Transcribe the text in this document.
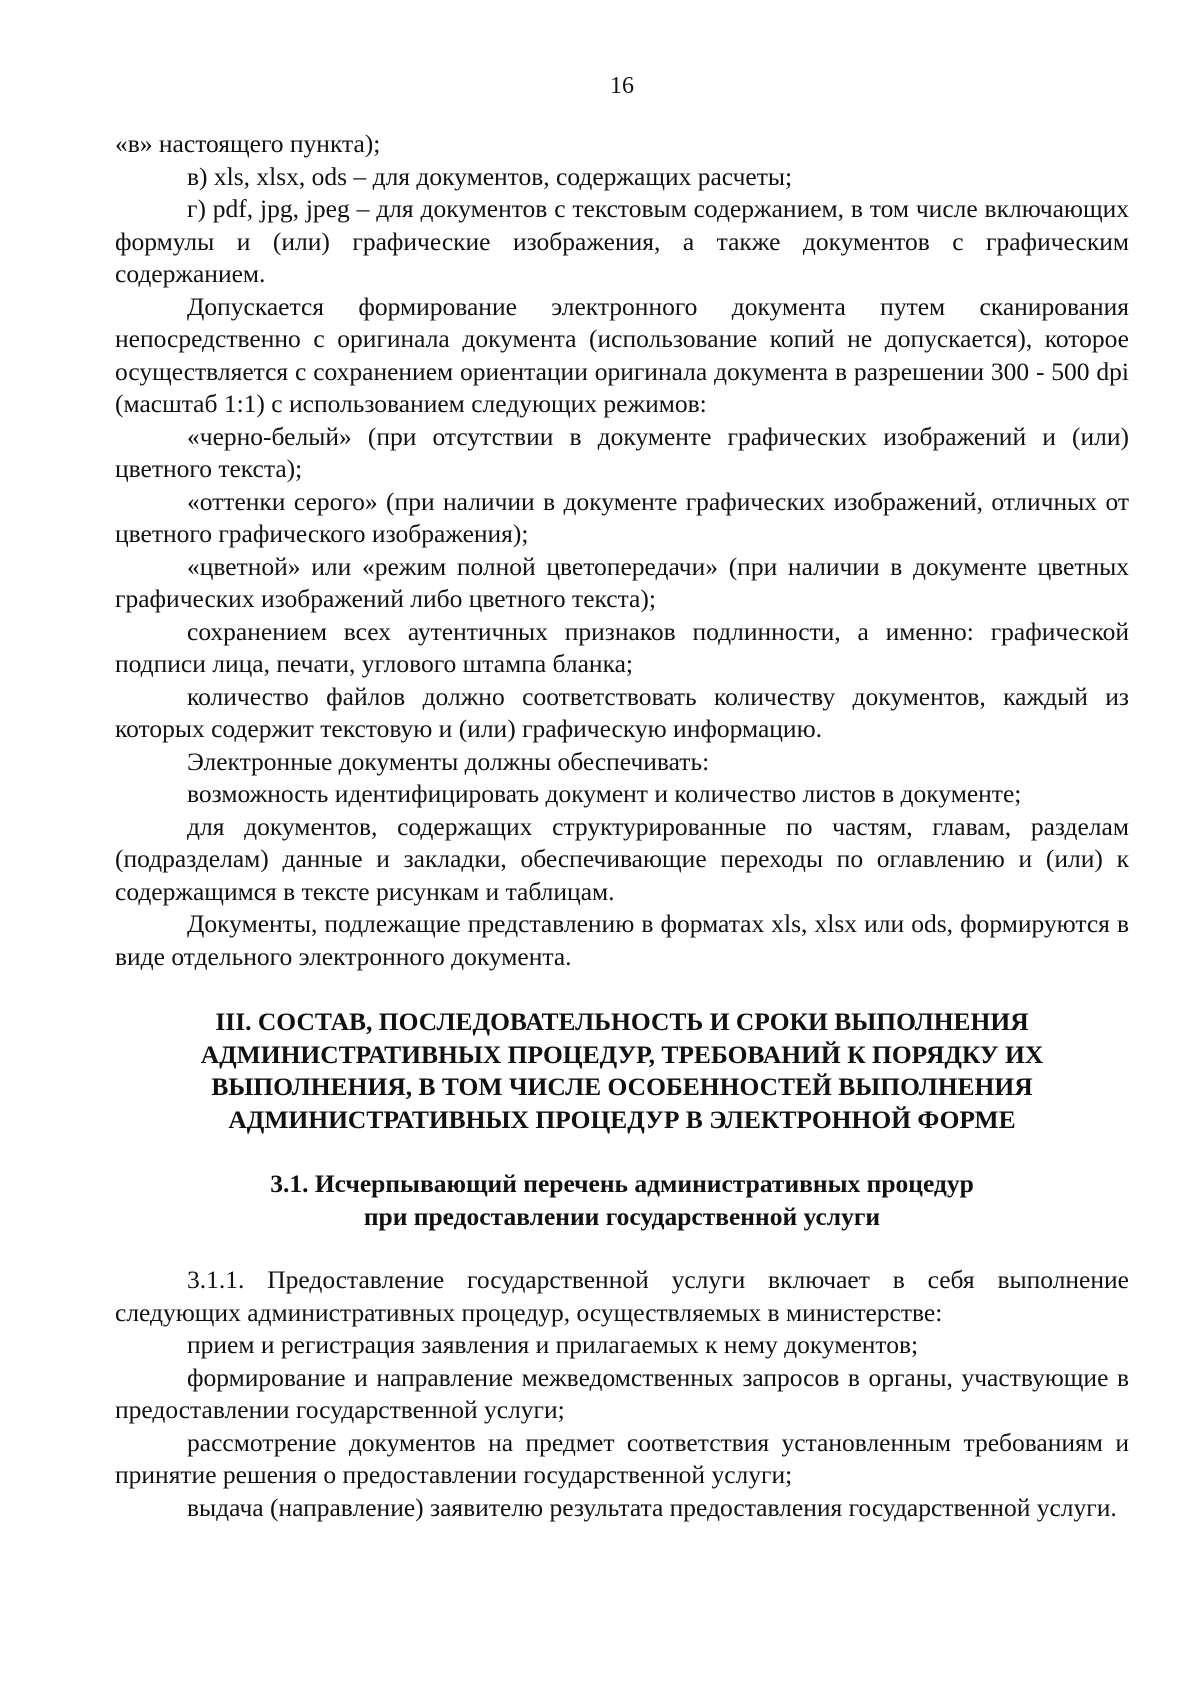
16

«в» настоящего пункта);

в) xls, xlsx, ods – для документов, содержащих расчеты;

г) pdf, jpg, jpeg – для документов с текстовым содержанием, в том числе включающих формулы и (или) графические изображения, а также документов с графическим содержанием.

Допускается формирование электронного документа путем сканирования непосредственно с оригинала документа (использование копий не допускается), которое осуществляется с сохранением ориентации оригинала документа в разрешении 300 - 500 dpi (масштаб 1:1) с использованием следующих режимов:

«черно-белый» (при отсутствии в документе графических изображений и (или) цветного текста);

«оттенки серого» (при наличии в документе графических изображений, отличных от цветного графического изображения);

«цветной» или «режим полной цветопередачи» (при наличии в документе цветных графических изображений либо цветного текста);

сохранением всех аутентичных признаков подлинности, а именно: графической подписи лица, печати, углового штампа бланка;

количество файлов должно соответствовать количеству документов, каждый из которых содержит текстовую и (или) графическую информацию.

Электронные документы должны обеспечивать:

возможность идентифицировать документ и количество листов в документе;

для документов, содержащих структурированные по частям, главам, разделам (подразделам) данные и закладки, обеспечивающие переходы по оглавлению и (или) к содержащимся в тексте рисункам и таблицам.

Документы, подлежащие представлению в форматах xls, xlsx или ods, формируются в виде отдельного электронного документа.

III. СОСТАВ, ПОСЛЕДОВАТЕЛЬНОСТЬ И СРОКИ ВЫПОЛНЕНИЯ
АДМИНИСТРАТИВНЫХ ПРОЦЕДУР, ТРЕБОВАНИЙ К ПОРЯДКУ ИХ
ВЫПОЛНЕНИЯ, В ТОМ ЧИСЛЕ ОСОБЕННОСТЕЙ ВЫПОЛНЕНИЯ
АДМИНИСТРАТИВНЫХ ПРОЦЕДУР В ЭЛЕКТРОННОЙ ФОРМЕ
3.1. Исчерпывающий перечень административных процедур
при предоставлении государственной услуги

3.1.1. Предоставление государственной услуги включает в себя выполнение следующих административных процедур, осуществляемых в министерстве:

прием и регистрация заявления и прилагаемых к нему документов;

формирование и направление межведомственных запросов в органы, участвующие в предоставлении государственной услуги;

рассмотрение документов на предмет соответствия установленным требованиям и принятие решения о предоставлении государственной услуги;

выдача (направление) заявителю результата предоставления государственной услуги.
